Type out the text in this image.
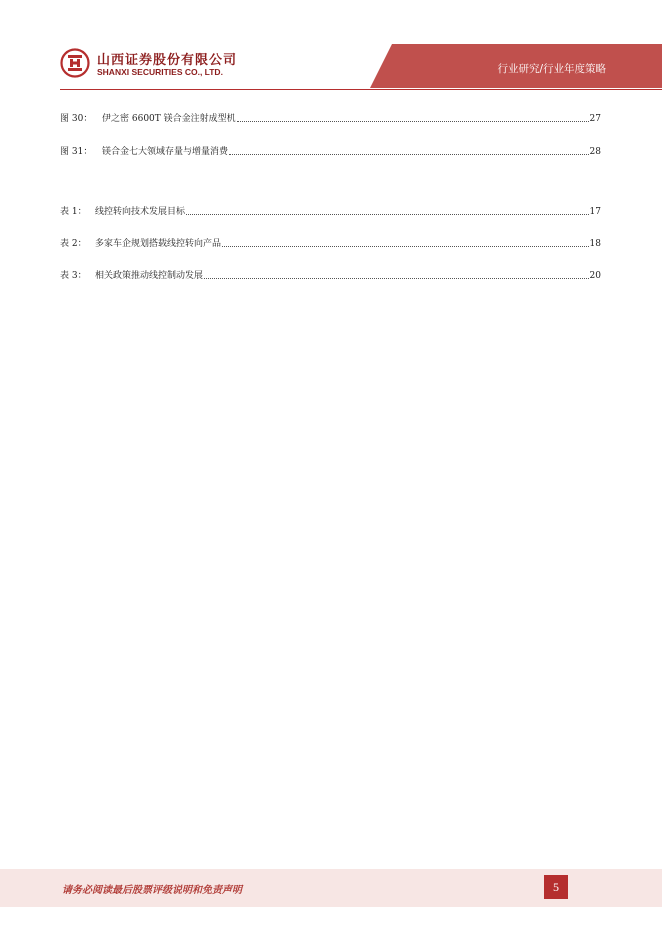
山西证券股份有限公司
SHANXI SECURITIES CO., LTD.	行业研究/行业年度策略
图 30：	伊之密 6600T 镁合金注射成型机	27
图 31：	镁合金七大领域存量与增量消费	28
表 1： 线控转向技术发展目标	17
表 2： 多家车企规划搭载线控转向产品	18
表 3： 相关政策推动线控制动发展	20
请务必阅读最后股票评级说明和免责声明	5
